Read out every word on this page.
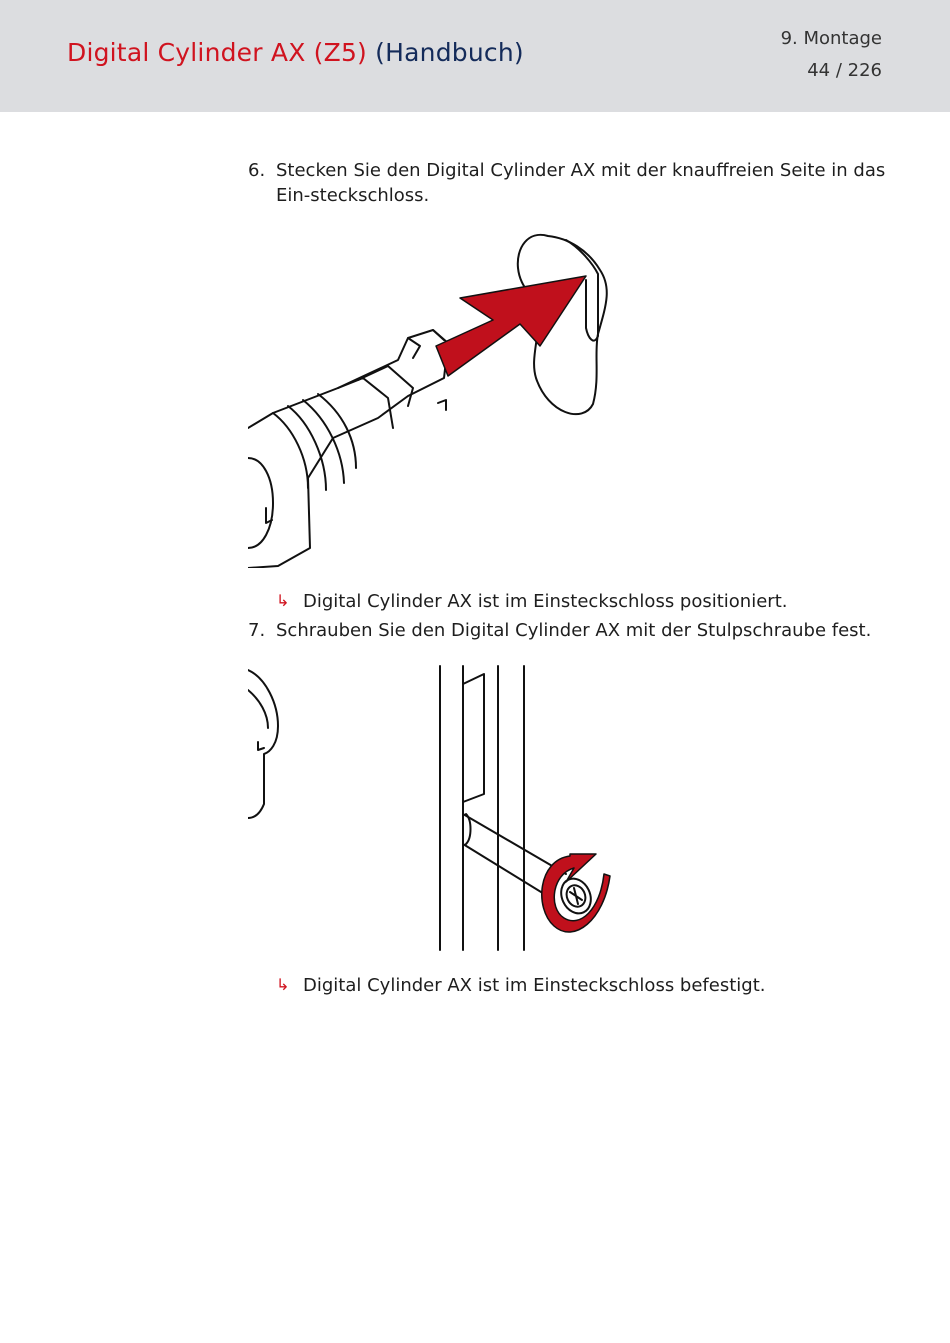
Digital Cylinder AX (Z5) (Handbuch)	9. Montage
44 / 226
6. Stecken Sie den Digital Cylinder AX mit der knauffreien Seite in das Ein-steckschloss.
↳ Digital Cylinder AX ist im Einsteckschloss positioniert.
7. Schrauben Sie den Digital Cylinder AX mit der Stulpschraube fest.
↳ Digital Cylinder AX ist im Einsteckschloss befestigt.
